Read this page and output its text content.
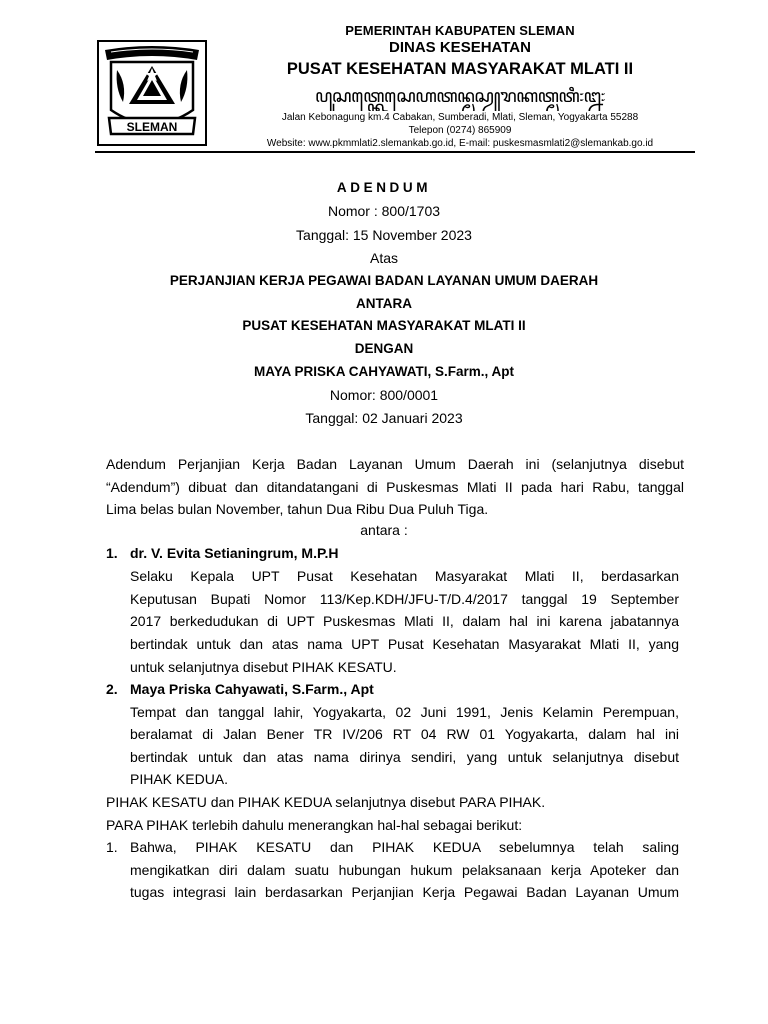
SLEMAN
PEMERINTAH KABUPATEN SLEMAN
DINAS KESEHATAN
PUSAT KESEHATAN MASYARAKAT MLATI II
ꦥꦸꦱꦠ꧀ꦏꦺꦱꦺꦲꦠꦤ꧀ꦩꦱꦾꦫꦏꦠ꧀ꦩ꧀ꦭꦠꦶ꧇꧒꧇
Jalan Kebonagung km.4 Cabakan, Sumberadi, Mlati, Sleman, Yogyakarta 55288
Telepon (0274) 865909
Website: www.pkmmlati2.slemankab.go.id, E-mail: puskesmasmlati2@slemankab.go.id
ADENDUM
Nomor : 800/1703
Tanggal: 15 November 2023
Atas
PERJANJIAN KERJA PEGAWAI BADAN LAYANAN UMUM DAERAH
ANTARA
PUSAT KESEHATAN MASYARAKAT MLATI II
DENGAN
MAYA PRISKA CAHYAWATI, S.Farm., Apt
Nomor: 800/0001
Tanggal: 02 Januari 2023
Adendum Perjanjian Kerja Badan Layanan Umum Daerah ini (selanjutnya disebut
“Adendum”) dibuat dan ditandatangani di Puskesmas Mlati II pada hari Rabu, tanggal
Lima belas bulan November, tahun Dua Ribu Dua Puluh Tiga.
antara :
1. dr. V. Evita Setianingrum, M.P.H
Selaku Kepala UPT Pusat Kesehatan Masyarakat Mlati II, berdasarkan
Keputusan Bupati Nomor 113/Kep.KDH/JFU-T/D.4/2017 tanggal 19 September
2017 berkedudukan di UPT Puskesmas Mlati II, dalam hal ini karena jabatannya
bertindak untuk dan atas nama UPT Pusat Kesehatan Masyarakat Mlati II, yang
untuk selanjutnya disebut PIHAK KESATU.
2. Maya Priska Cahyawati, S.Farm., Apt
Tempat dan tanggal lahir, Yogyakarta, 02 Juni 1991, Jenis Kelamin Perempuan,
beralamat di Jalan Bener TR IV/206 RT 04 RW 01 Yogyakarta, dalam hal ini
bertindak untuk dan atas nama dirinya sendiri, yang untuk selanjutnya disebut
PIHAK KEDUA.
PIHAK KESATU dan PIHAK KEDUA selanjutnya disebut PARA PIHAK.
PARA PIHAK terlebih dahulu menerangkan hal-hal sebagai berikut:
1. Bahwa, PIHAK KESATU dan PIHAK KEDUA sebelumnya telah saling
mengikatkan diri dalam suatu hubungan hukum pelaksanaan kerja Apoteker dan
tugas integrasi lain berdasarkan Perjanjian Kerja Pegawai Badan Layanan Umum
